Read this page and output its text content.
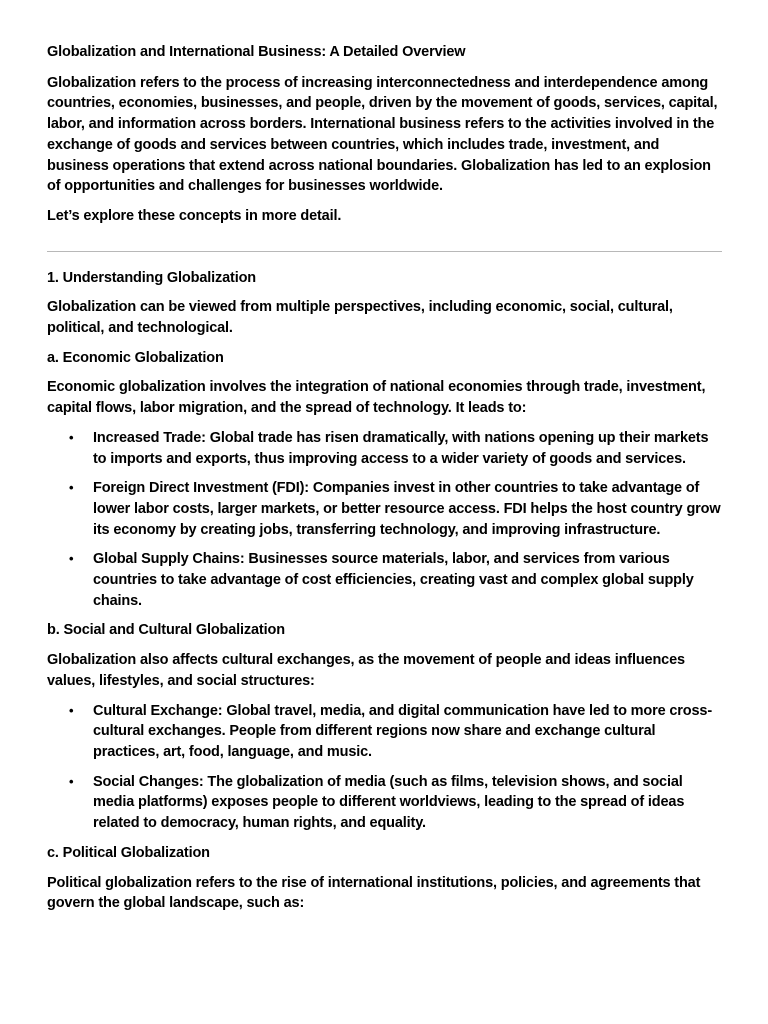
Globalization and International Business: A Detailed Overview

Globalization refers to the process of increasing interconnectedness and interdependence among countries, economies, businesses, and people, driven by the movement of goods, services, capital, labor, and information across borders. International business refers to the activities involved in the exchange of goods and services between countries, which includes trade, investment, and business operations that extend across national boundaries. Globalization has led to an explosion of opportunities and challenges for businesses worldwide.

Let’s explore these concepts in more detail.

1. Understanding Globalization

Globalization can be viewed from multiple perspectives, including economic, social, cultural, political, and technological.

a. Economic Globalization

Economic globalization involves the integration of national economies through trade, investment, capital flows, labor migration, and the spread of technology. It leads to:

• Increased Trade: Global trade has risen dramatically, with nations opening up their markets to imports and exports, thus improving access to a wider variety of goods and services.
• Foreign Direct Investment (FDI): Companies invest in other countries to take advantage of lower labor costs, larger markets, or better resource access. FDI helps the host country grow its economy by creating jobs, transferring technology, and improving infrastructure.
• Global Supply Chains: Businesses source materials, labor, and services from various countries to take advantage of cost efficiencies, creating vast and complex global supply chains.

b. Social and Cultural Globalization

Globalization also affects cultural exchanges, as the movement of people and ideas influences values, lifestyles, and social structures:

• Cultural Exchange: Global travel, media, and digital communication have led to more cross-cultural exchanges. People from different regions now share and exchange cultural practices, art, food, language, and music.
• Social Changes: The globalization of media (such as films, television shows, and social media platforms) exposes people to different worldviews, leading to the spread of ideas related to democracy, human rights, and equality.

c. Political Globalization

Political globalization refers to the rise of international institutions, policies, and agreements that govern the global landscape, such as:
